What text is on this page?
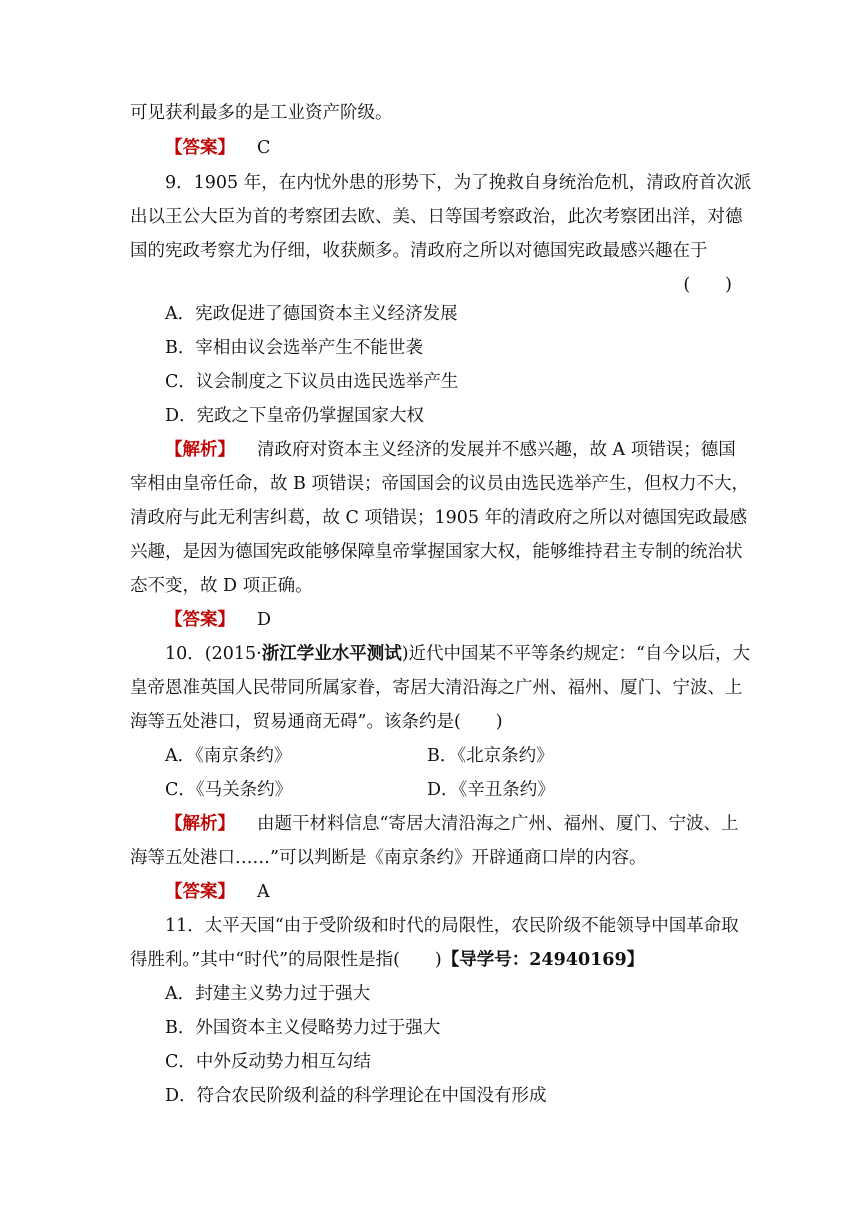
可见获利最多的是工业资产阶级。
【答案】 C
9．1905 年，在内忧外患的形势下，为了挽救自身统治危机，清政府首次派
出以王公大臣为首的考察团去欧、美、日等国考察政治，此次考察团出洋，对德
国的宪政考察尤为仔细，收获颇多。清政府之所以对德国宪政最感兴趣在于
(　　)
A．宪政促进了德国资本主义经济发展
B．宰相由议会选举产生不能世袭
C．议会制度之下议员由选民选举产生
D．宪政之下皇帝仍掌握国家大权
【解析】 清政府对资本主义经济的发展并不感兴趣，故 A 项错误；德国
宰相由皇帝任命，故 B 项错误；帝国国会的议员由选民选举产生，但权力不大，
清政府与此无利害纠葛，故 C 项错误；1905 年的清政府之所以对德国宪政最感
兴趣，是因为德国宪政能够保障皇帝掌握国家大权，能够维持君主专制的统治状
态不变，故 D 项正确。
【答案】 D
10．(2015·浙江学业水平测试)近代中国某不平等条约规定：“自今以后，大
皇帝恩准英国人民带同所属家眷，寄居大清沿海之广州、福州、厦门、宁波、上
海等五处港口，贸易通商无碍”。该条约是(　　)
A．《南京条约》	B．《北京条约》
C．《马关条约》	D．《辛丑条约》
【解析】 由题干材料信息“寄居大清沿海之广州、福州、厦门、宁波、上
海等五处港口……”可以判断是《南京条约》开辟通商口岸的内容。
【答案】 A
11．太平天国“由于受阶级和时代的局限性，农民阶级不能领导中国革命取
得胜利。”其中“时代”的局限性是指(　　)【导学号：24940169】
A．封建主义势力过于强大
B．外国资本主义侵略势力过于强大
C．中外反动势力相互勾结
D．符合农民阶级利益的科学理论在中国没有形成
